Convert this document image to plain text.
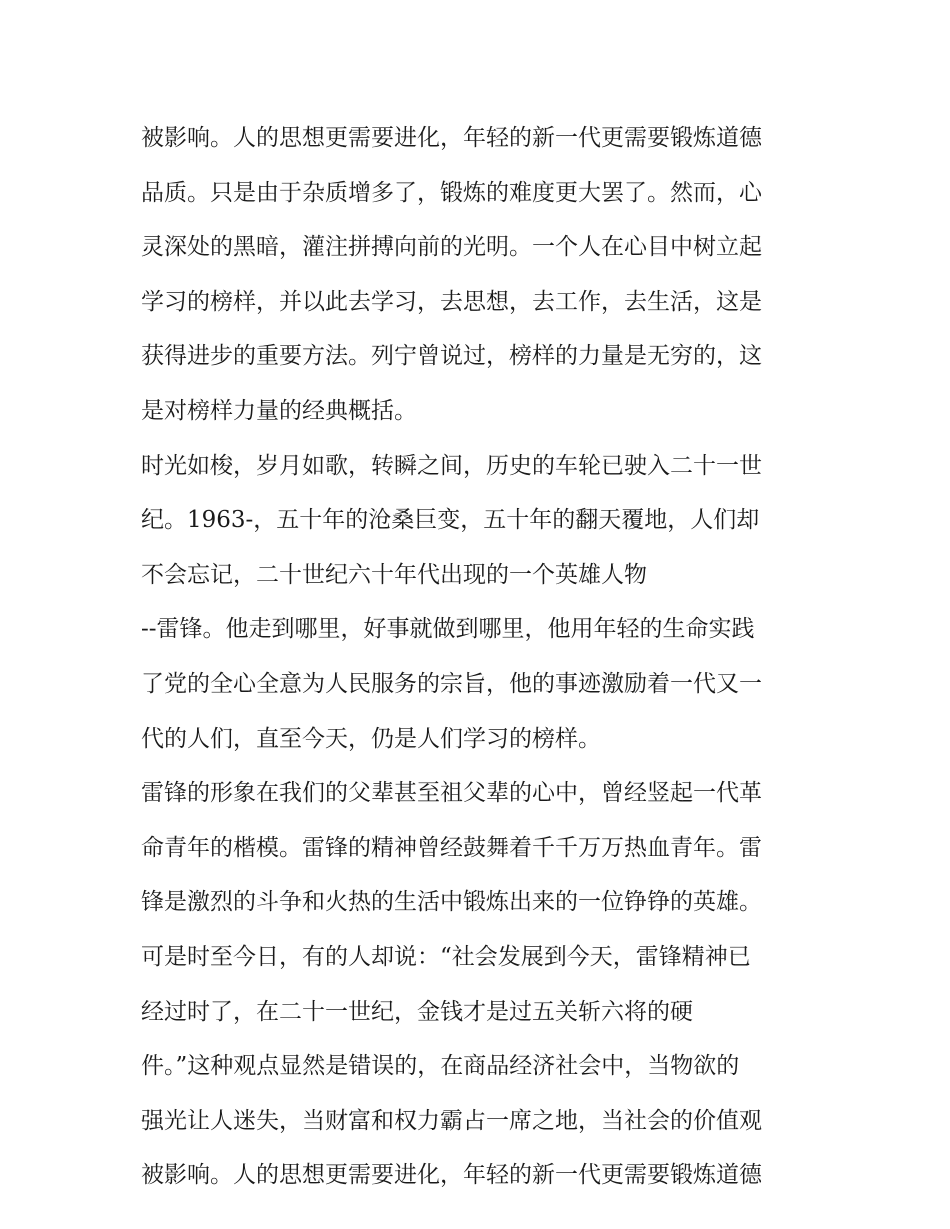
被影响。人的思想更需要进化，年轻的新一代更需要锻炼道德
品质。只是由于杂质增多了，锻炼的难度更大罢了。然而，心
灵深处的黑暗，灌注拼搏向前的光明。一个人在心目中树立起
学习的榜样，并以此去学习，去思想，去工作，去生活，这是
获得进步的重要方法。列宁曾说过，榜样的力量是无穷的，这
是对榜样力量的经典概括。
时光如梭，岁月如歌，转瞬之间，历史的车轮已驶入二十一世
纪。1963-，五十年的沧桑巨变，五十年的翻天覆地，人们却
不会忘记，二十世纪六十年代出现的一个英雄人物
--雷锋。他走到哪里，好事就做到哪里，他用年轻的生命实践
了党的全心全意为人民服务的宗旨，他的事迹激励着一代又一
代的人们，直至今天，仍是人们学习的榜样。
雷锋的形象在我们的父辈甚至祖父辈的心中，曾经竖起一代革
命青年的楷模。雷锋的精神曾经鼓舞着千千万万热血青年。雷
锋是激烈的斗争和火热的生活中锻炼出来的一位铮铮的英雄。
可是时至今日，有的人却说：“社会发展到今天，雷锋精神已
经过时了，在二十一世纪，金钱才是过五关斩六将的硬
件。”这种观点显然是错误的，在商品经济社会中，当物欲的
强光让人迷失，当财富和权力霸占一席之地，当社会的价值观
被影响。人的思想更需要进化，年轻的新一代更需要锻炼道德
